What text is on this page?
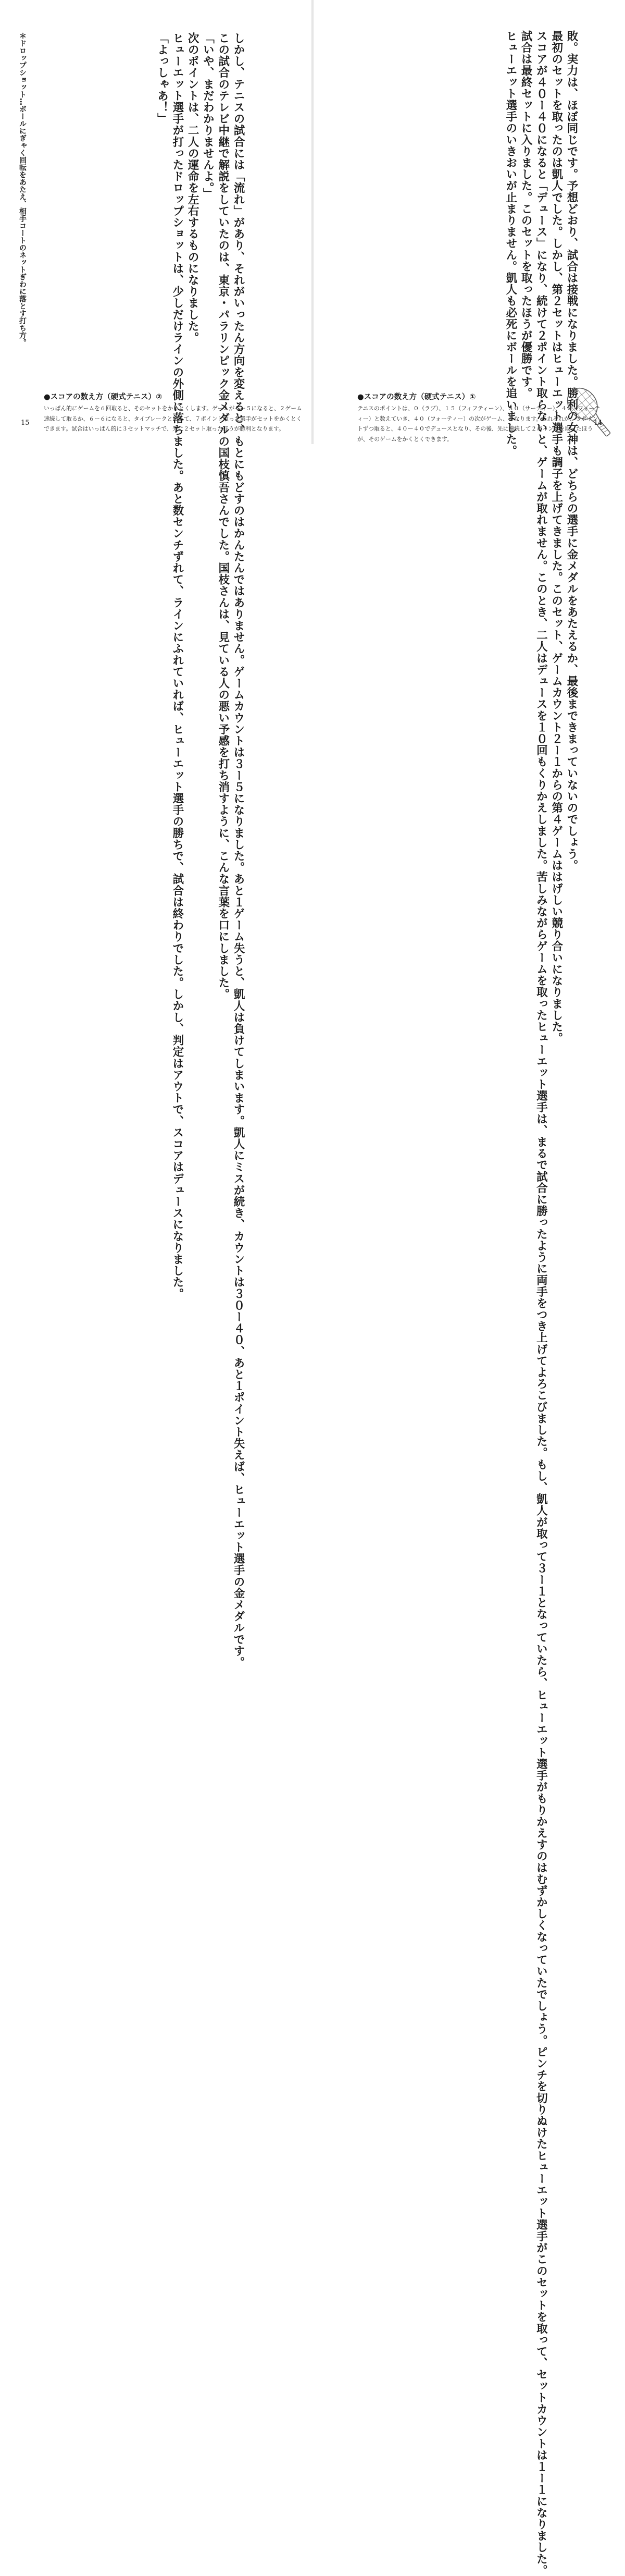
＊ドロップショット…ボールにぎゃく回転をあたえ、相手コートのネットぎわに落とす打ち方。	しかし、テニスの試合には「流れ」があり、それがいったん方向を変えると、もとにもどすのはかんたんではありません。ゲームカウントは３ー５になりました。あと１ゲーム失うと、凱人は負けてしまいます。凱人にミスが続き、カウントは３０ー４０、あと１ポイント失えば、ヒューエット選手の金メダルです。

この試合のテレビ中継で解説をしていたのは、東京・パラリンピック金メダルの国枝慎吾さんでした。国枝さんは、見ている人の悪い予感を打ち消すように、こんな言葉を口にしました。

「いや、まだわかりませんよ。」

次のポイントは、二人の運命を左右するものになりました。

ヒューエット選手が打ったドロップショットは、少しだけラインの外側に落ちました。あと数センチずれて、ラインにふれていれば、ヒューエット選手の勝ちで、試合は終わりでした。しかし、判定はアウトで、スコアはデュースになりました。

「よっしゃあ！」

●スコアの数え方（硬式テニス）②

いっぱん的にゲームを６回取ると、そのセットをかくとくします。ゲームが５ー５になると、２ゲーム連続して取るか、６ー６になると、タイブレークといって、７ポイント取った選手がセットをかくとくできます。試合はいっぱん的に３セットマッチで、先に２セット取ったほうが勝利となります。

15	敗。実力は、ほぼ同じです。予想どおり、試合は接戦になりました。勝利の女神は、どちらの選手に金メダルをあたえるか、最後まできまっていないのでしょう。

最初のセットを取ったのは凱人でした。しかし、第２セットはヒューエット選手も調子を上げてきました。このセット、ゲームカウント２ー１からの第４ゲームははげしい競り合いになりました。

スコアが４０ー４０になると「デュース」になり、続けて２ポイント取らないと、ゲームが取れません。このとき、二人はデュースを１０回もくりかえしました。苦しみながらゲームを取ったヒューエット選手は、まるで試合に勝ったように両手をつき上げてよろこびました。もし、凱人が取って３ー１となっていたら、ヒューエット選手がもりかえすのはむずかしくなっていたでしょう。ピンチを切りぬけたヒューエット選手がこのセットを取って、セットカウントは１ー１になりました。

試合は最終セットに入りました。このセットを取ったほうが優勝です。

ヒューエット選手のいきおいが止まりません。凱人も必死にボールを追いました。

●スコアの数え方（硬式テニス）①

テニスのポイントは、０（ラブ）、１５（フィフティーン）、３０（サーティー）、４０（フォーティー）と数えていき、４０（フォーティー）の次がゲーム、となります。それぞれが、３ポイントずつ取ると、４０ー４０でデュースとなり、その後、先に連続して２ポイントを取ったほうが、そのゲームをかくとくできます。

14
